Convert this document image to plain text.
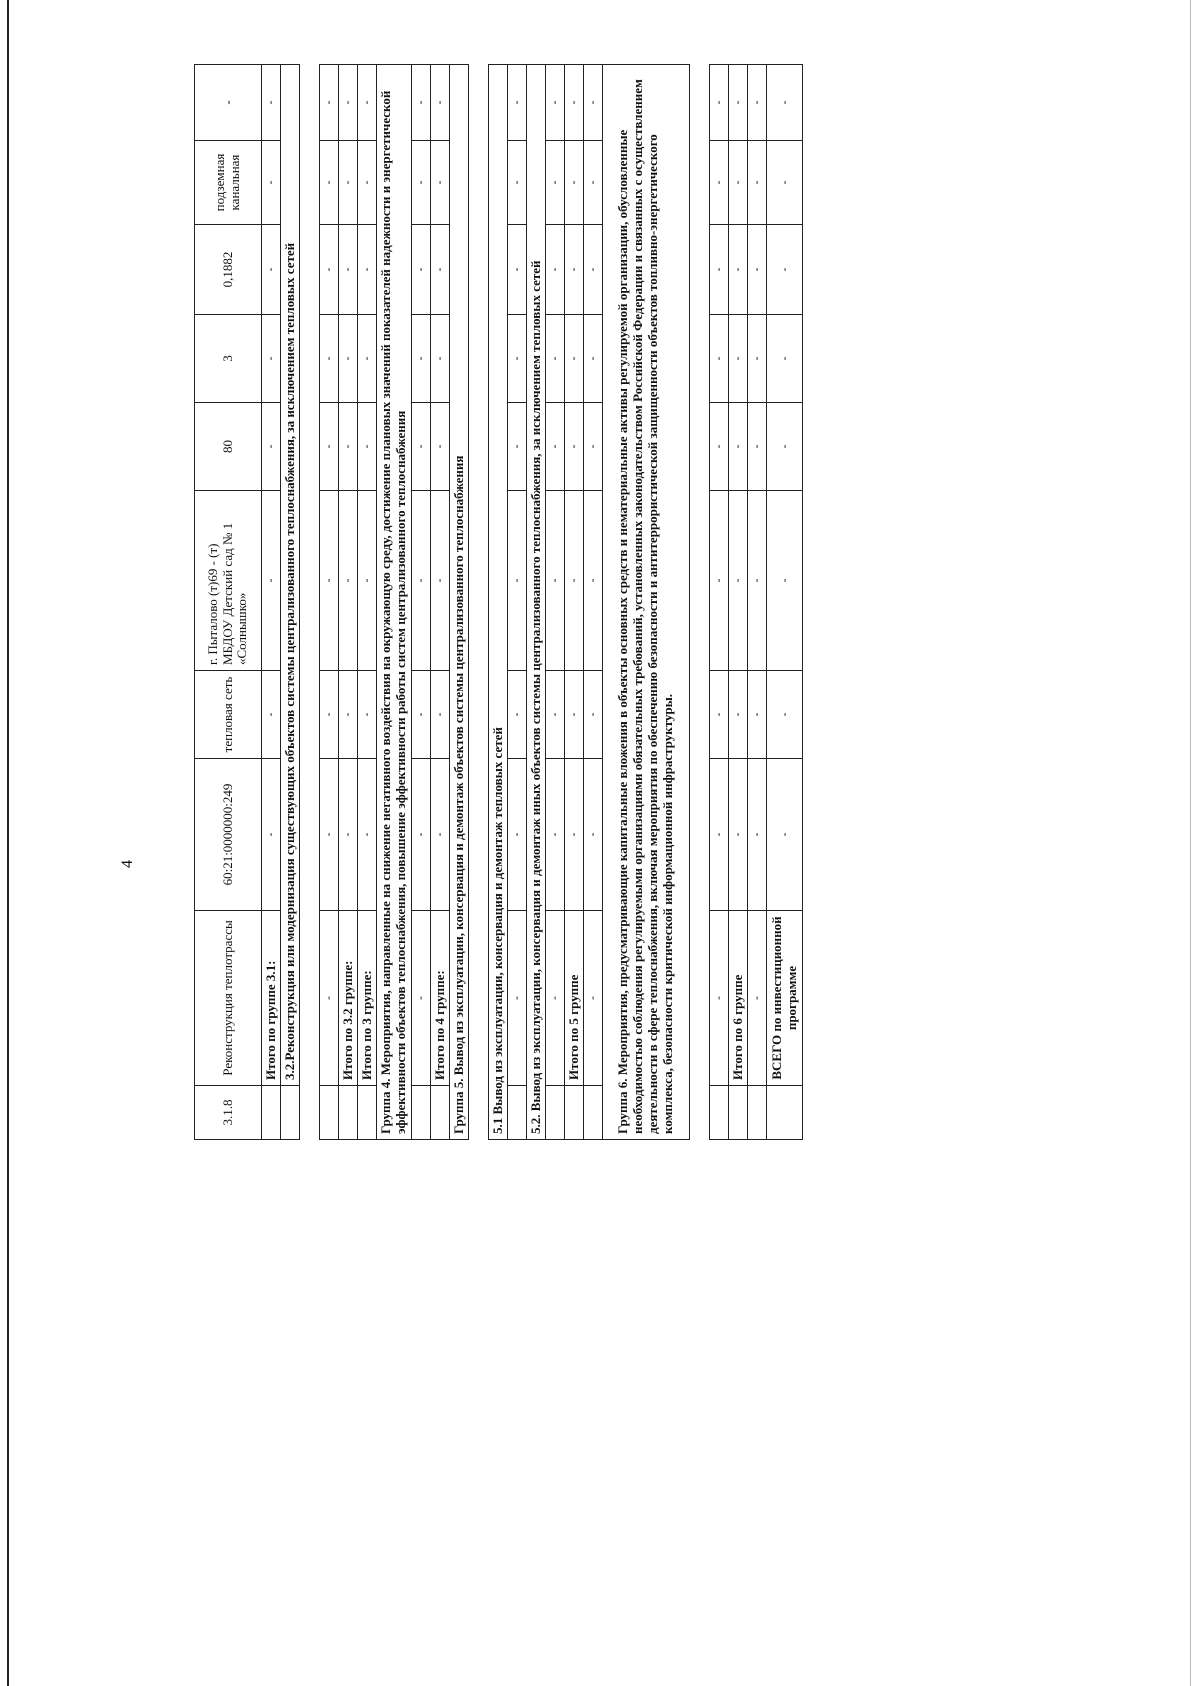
4
3.1.8	Реконструкция теплотрассы	60:21:0000000:249	тепловая сеть	г. Пыталово (т)69 - (т) МБДОУ Детский сад № 1 «Солнышко»	80	3	0,1882	подземная канальная	-
	Итого по группе 3.1:	-	-	-	-	-	-	-	-
	3.2.Реконструкция или модернизация существующих объектов системы централизованного теплоснабжения, за исключением тепловых сетей								

	-	-	-	-	-	-	-	-	-
	Итого по 3.2 группе:	-	-	-	-	-	-	-	-
	Итого по 3 группе:	-	-	-	-	-	-	-	-
Группа 4. Мероприятия, направленные на снижение негативного воздействия на окружающую среду, достижение плановых значений показателей надежности и энергетической эффективности объектов теплоснабжения, повышение эффективности работы систем централизованного теплоснабжения									
	-	-	-	-	-	-	-	-	-
	Итого по 4 группе:	-	-	-	-	-	-	-	-
Группа 5. Вывод из эксплуатации, консервация и демонтаж объектов системы централизованного теплоснабжения									

5.1 Вывод из эксплуатации, консервация и демонтаж тепловых сетей									
	-	-	-	-	-	-	-	-	-
5.2. Вывод из эксплуатации, консервация и демонтаж иных объектов системы централизованного теплоснабжения, за исключением тепловых сетей									
	-	-	-	-	-	-	-	-	-
	Итого по 5 группе	-	-	-	-	-	-	-	-
	-	-	-	-	-	-	-	-	-
Группа 6. Мероприятия, предусматривающие капитальные вложения в объекты основных средств и нематериальные активы регулируемой организации, обусловленные необходимостью соблюдения регулируемыми организациями обязательных требований, установленных законодательством Российской Федерации и связанных с осуществлением деятельности в сфере теплоснабжения, включая мероприятия по обеспечению безопасности и антитеррористической защищенности объектов топливно-энергетического комплекса, безопасности критической информационной инфраструктуры.									

	-	-	-	-	-	-	-	-	-
	Итого по 6 группе	-	-	-	-	-	-	-	-
	-	-	-	-	-	-	-	-	-
	ВСЕГО по инвестиционной программе	-	-	-	-	-	-	-	-
